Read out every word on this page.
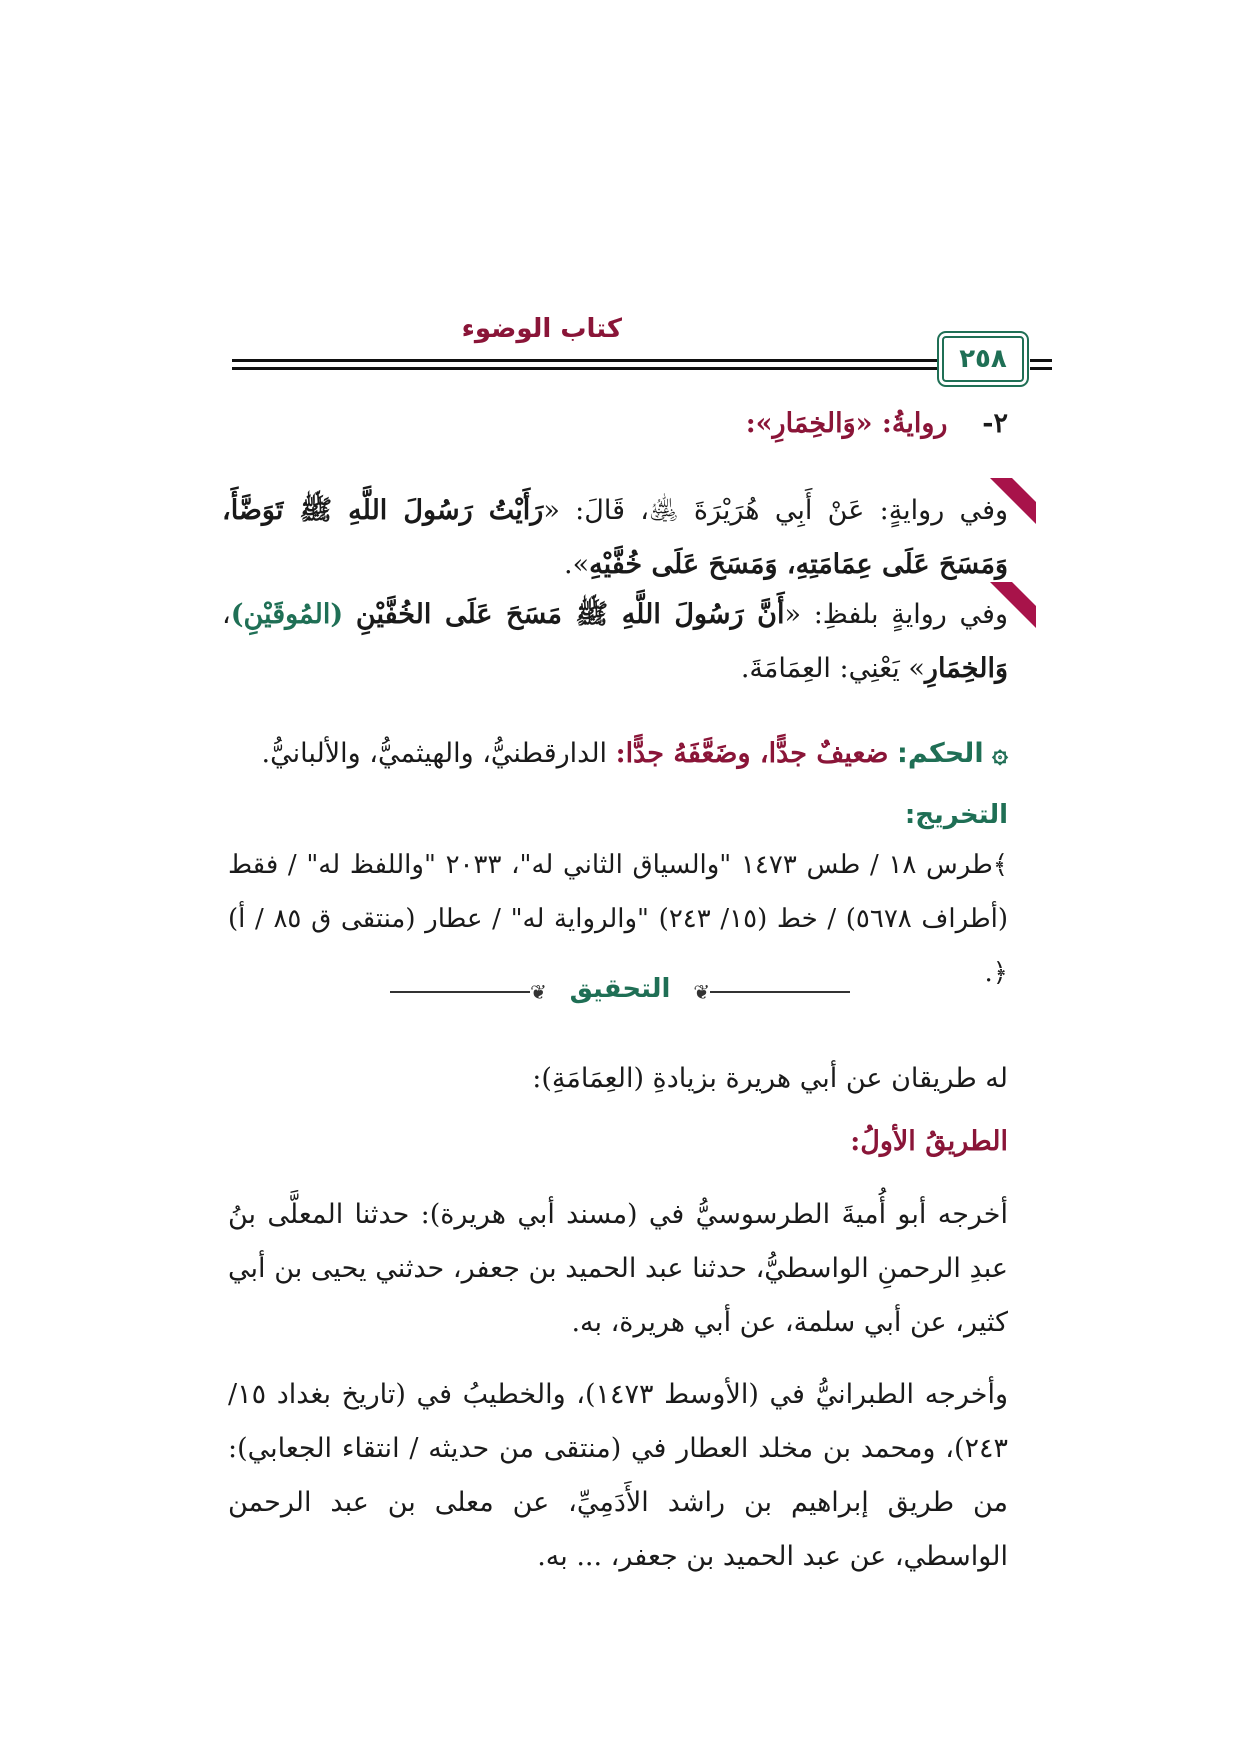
كتاب الوضوء
٢٥٨
٢-  روايةُ: «وَالخِمَارِ»:
وفي روايةٍ: عَنْ أَبِي هُرَيْرَةَ ﵁، قَالَ: «رَأَيْتُ رَسُولَ اللَّهِ ﷺ تَوَضَّأَ، وَمَسَحَ عَلَى عِمَامَتِهِ، وَمَسَحَ عَلَى خُفَّيْهِ».
وفي روايةٍ بلفظِ: «أَنَّ رَسُولَ اللَّهِ ﷺ مَسَحَ عَلَى الخُفَّيْنِ (المُوقَيْنِ)، وَالخِمَارِ» يَعْنِي: العِمَامَةَ.
۞ الحكم: ضعيفٌ جدًّا، وضَعَّفَهُ جدًّا: الدارقطنيُّ، والهيثميُّ، والألبانيُّ.
التخريج:
﴾طرس ١٨ / طس ١٤٧٣ "والسياق الثاني له"، ٢٠٣٣ "واللفظ له" / فقط (أطراف ٥٦٧٨) / خط (١٥/ ٢٤٣) "والرواية له" / عطار (منتقى ق ٨٥ / أ)﴿.
❦	❦
التحقيق
له طريقان عن أبي هريرة بزيادةِ (العِمَامَةِ):
الطريقُ الأولُ:
أخرجه أبو أُميةَ الطرسوسيُّ في (مسند أبي هريرة): حدثنا المعلَّى بنُ عبدِ الرحمنِ الواسطيُّ، حدثنا عبد الحميد بن جعفر، حدثني يحيى بن أبي كثير، عن أبي سلمة، عن أبي هريرة، به.
وأخرجه الطبرانيُّ في (الأوسط ١٤٧٣)، والخطيبُ في (تاريخ بغداد ١٥/ ٢٤٣)، ومحمد بن مخلد العطار في (منتقى من حديثه / انتقاء الجعابي): من طريق إبراهيم بن راشد الأَدَمِيِّ، عن معلى بن عبد الرحمن الواسطي، عن عبد الحميد بن جعفر، ... به.
